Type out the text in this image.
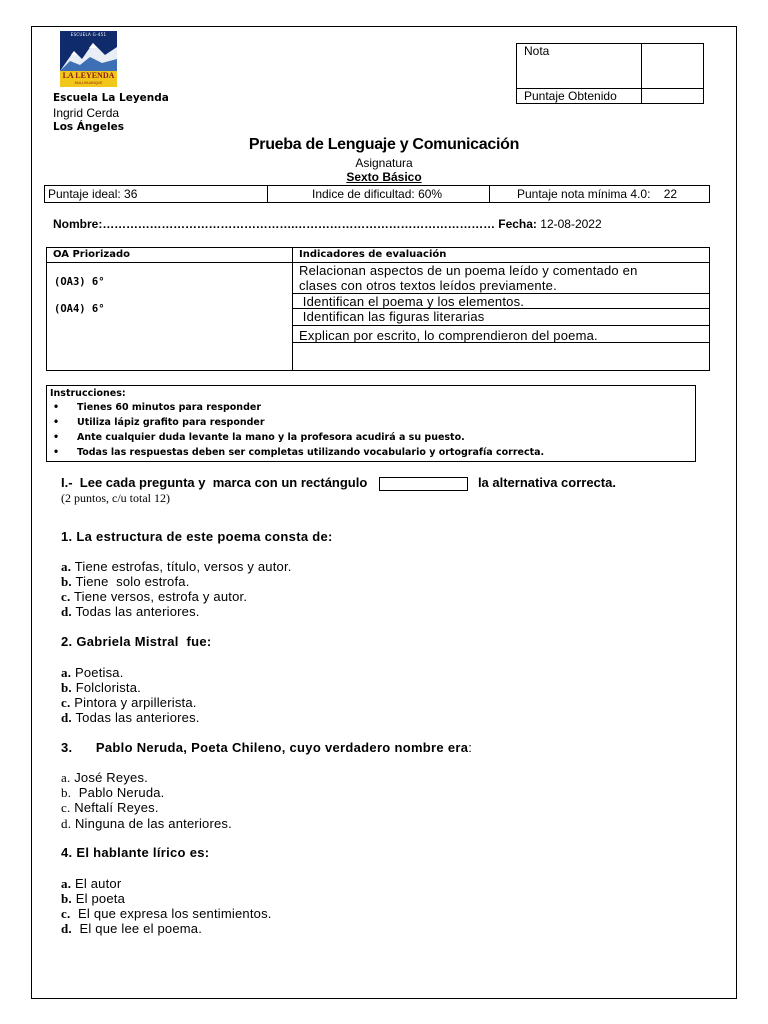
ESCUELA G-451
LA LEYENDA
MULLIHUANQUE
Escuela La Leyenda
Ingrid Cerda
Los Ángeles
Nota
Puntaje Obtenido
Prueba de Lenguaje y Comunicación
Asignatura
Sexto Básico
Puntaje ideal: 36	Indice de dificultad: 60%	Puntaje nota mínima 4.0:    22
Nombre:………………………………………….…………………………………………… Fecha: 12-08-2022
OA Priorizado	Indicadores de evaluación
(OA3) 6°
(OA4) 6°
Relacionan aspectos de un poema leído y comentado en
clases con otros textos leídos previamente.
Identifican el poema y los elementos.
Identifican las figuras literarias
Explican por escrito, lo comprendieron del poema.
Instrucciones:
• Tienes 60 minutos para responder
• Utiliza lápiz grafito para responder
• Ante cualquier duda levante la mano y la profesora acudirá a su puesto.
• Todas las respuestas deben ser completas utilizando vocabulario y ortografía correcta.
I.-  Lee cada pregunta y  marca con un rectángulo	la alternativa correcta.
(2 puntos, c/u total 12)
1. La estructura de este poema consta de:
a. Tiene estrofas, título, versos y autor.
b. Tiene  solo estrofa.
c. Tiene versos, estrofa y autor.
d. Todas las anteriores.
2. Gabriela Mistral  fue:
a. Poetisa.
b. Folclorista.
c. Pintora y arpillerista.
d. Todas las anteriores.
3.      Pablo Neruda, Poeta Chileno, cuyo verdadero nombre era:
a. José Reyes.
b.  Pablo Neruda.
c. Neftalí Reyes.
d. Ninguna de las anteriores.
4. El hablante lírico es:
a. El autor
b. El poeta
c.  El que expresa los sentimientos.
d.  El que lee el poema.
